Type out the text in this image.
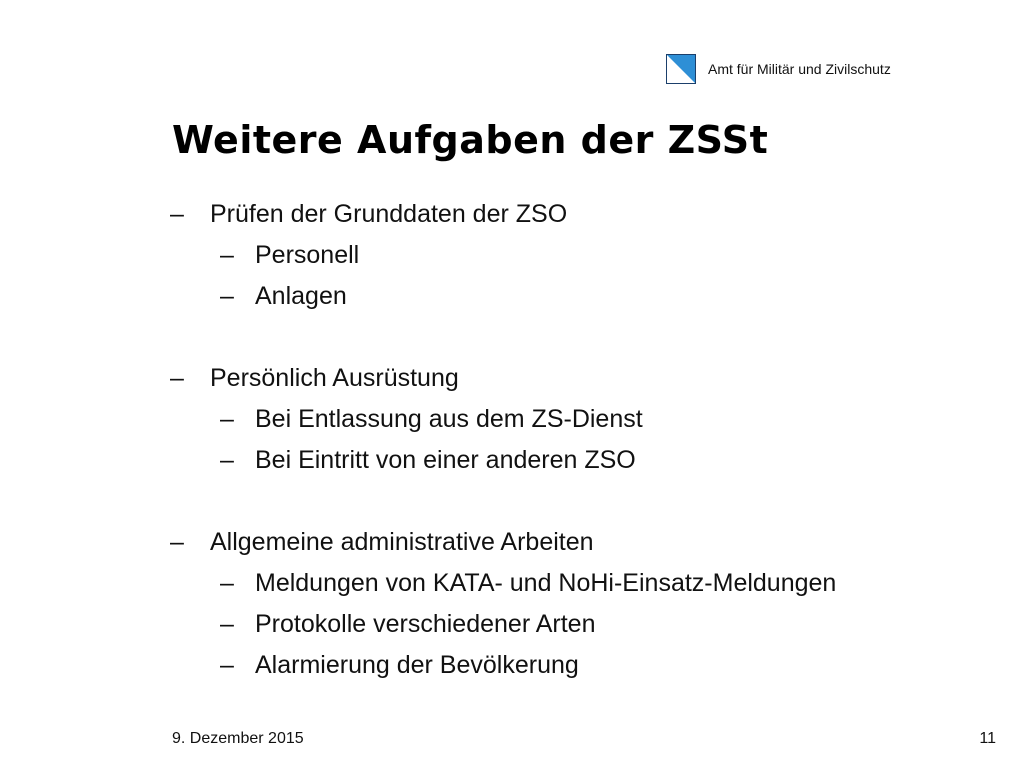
Amt für Militär und Zivilschutz
Weitere Aufgaben der ZSSt
– Prüfen der Grunddaten der ZSO
– Personell
– Anlagen
– Persönlich Ausrüstung
– Bei Entlassung aus dem ZS-Dienst
– Bei Eintritt von einer anderen ZSO
– Allgemeine administrative Arbeiten
– Meldungen von KATA- und NoHi-Einsatz-Meldungen
– Protokolle verschiedener Arten
– Alarmierung der Bevölkerung
9. Dezember 2015	11
